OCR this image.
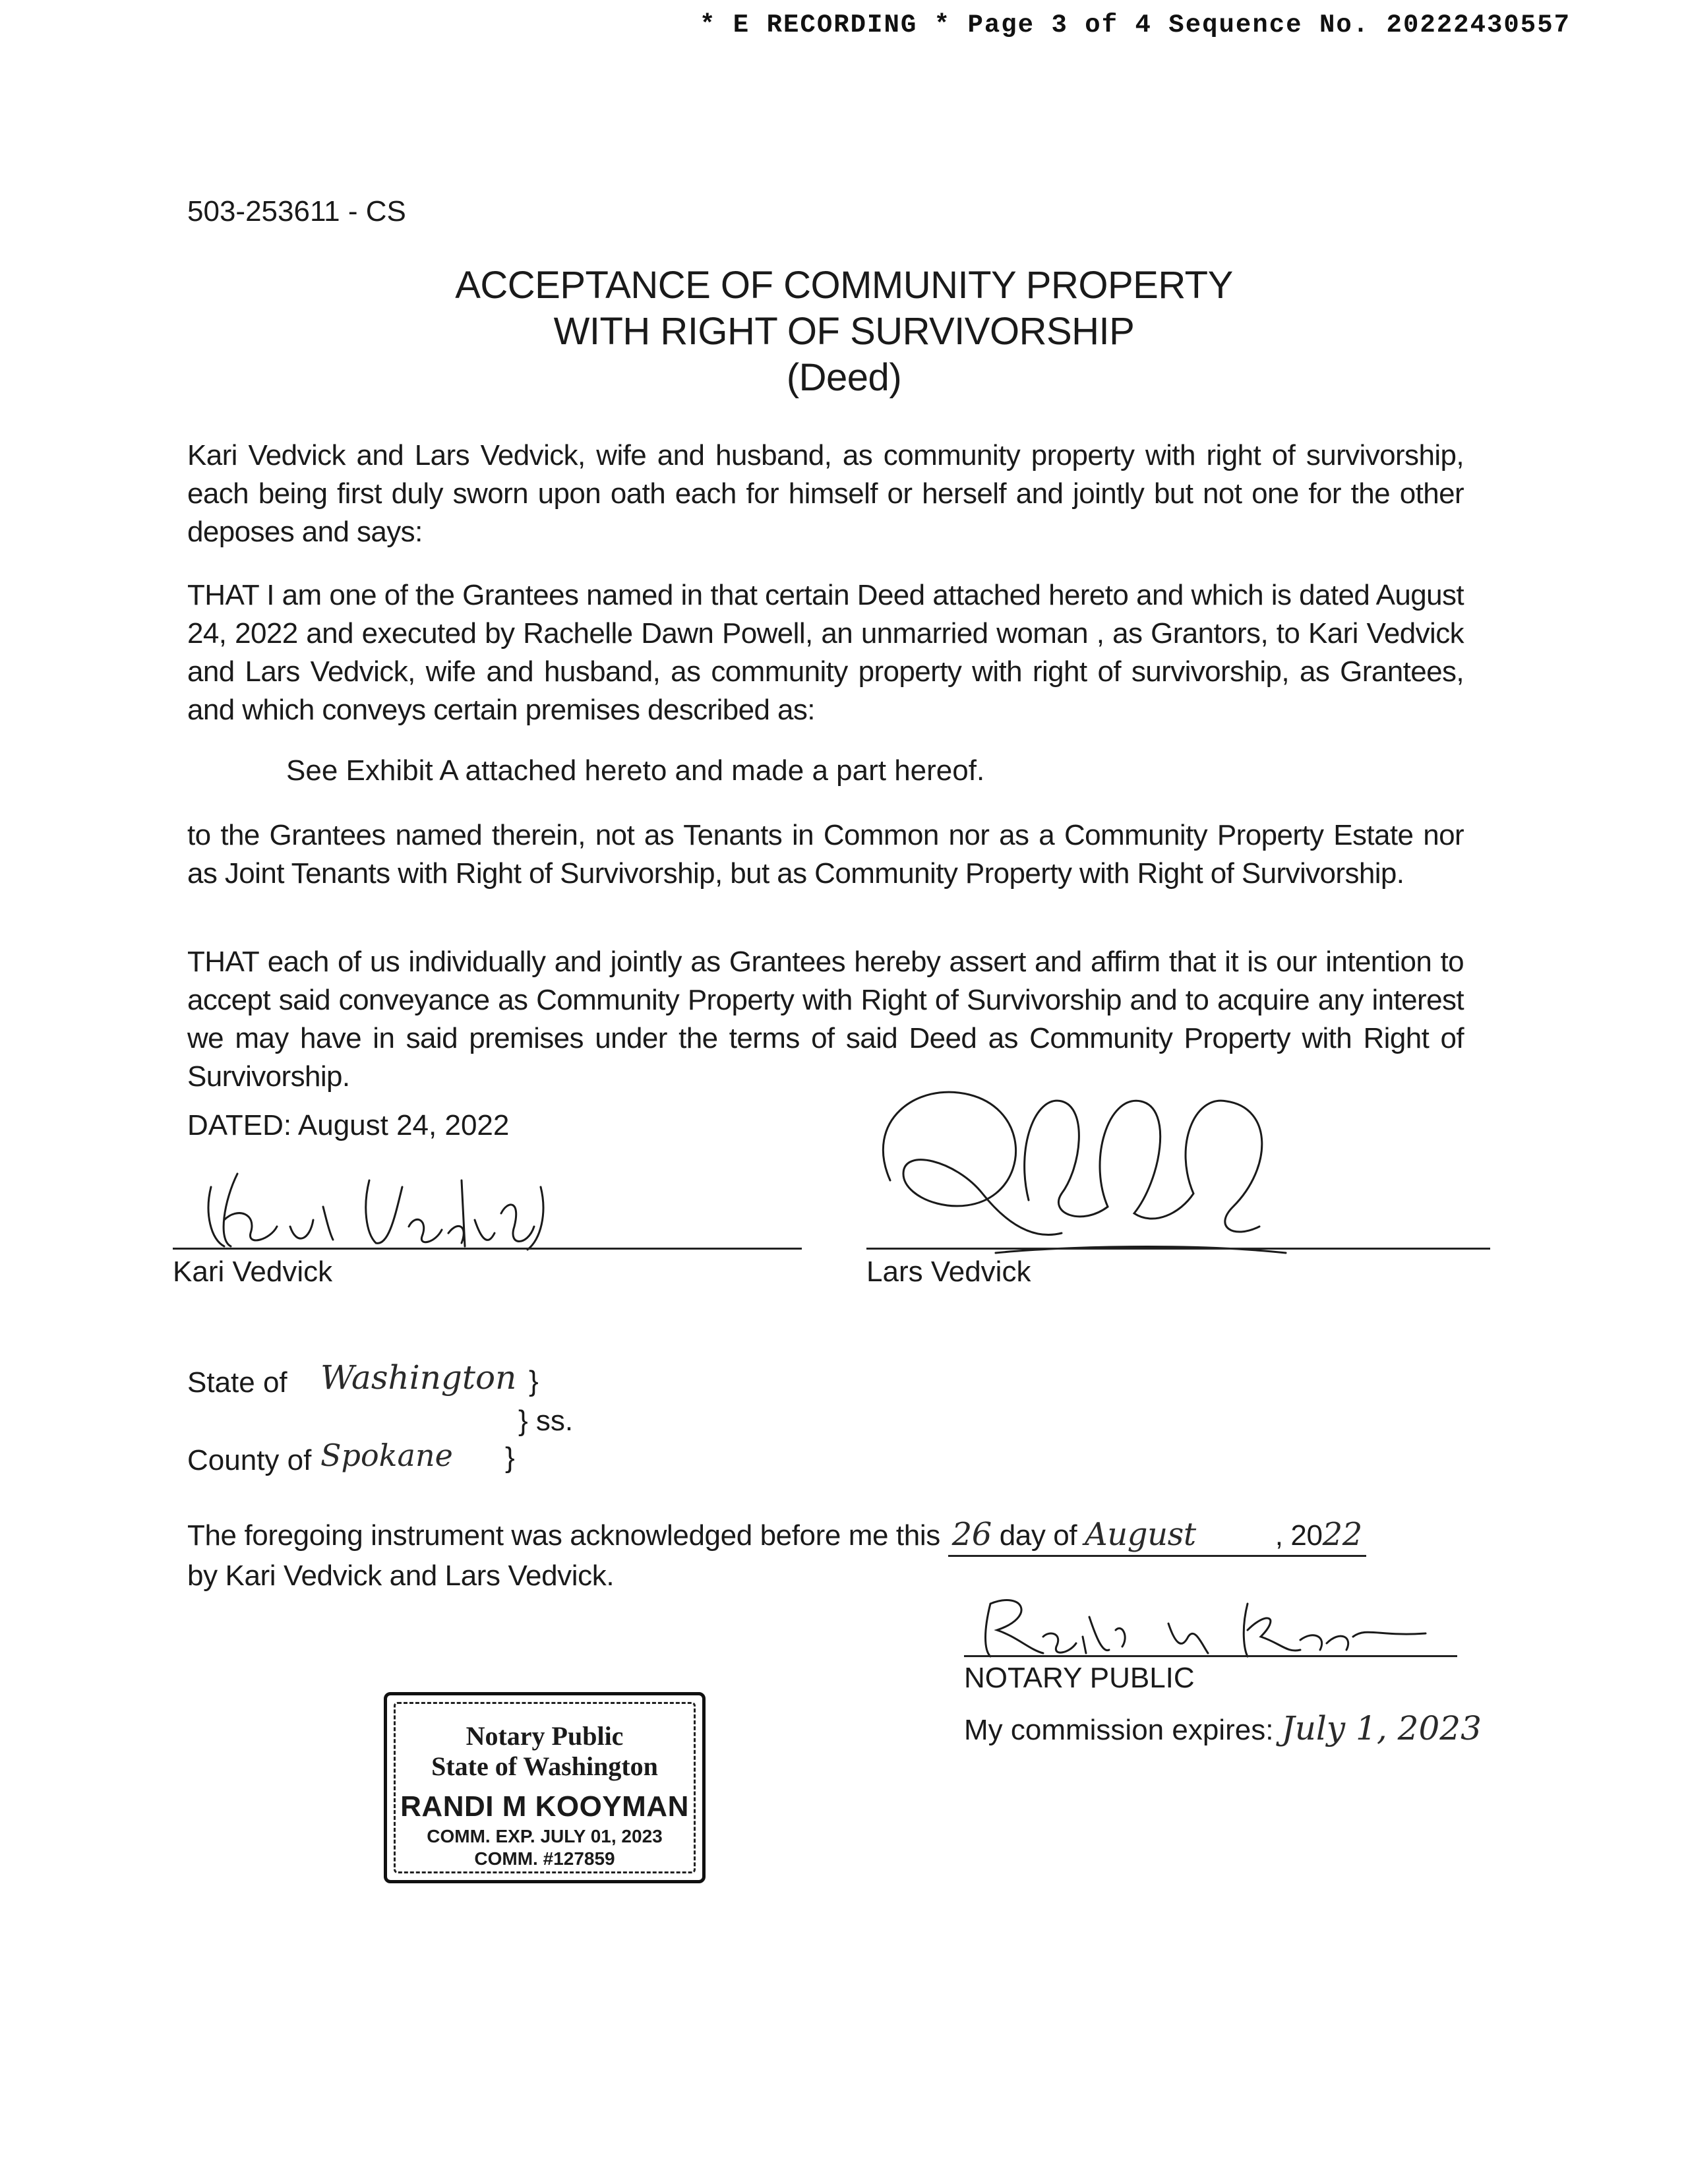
* E RECORDING * Page 3 of 4 Sequence No. 20222430557
503-253611 - CS
ACCEPTANCE OF COMMUNITY PROPERTY
WITH RIGHT OF SURVIVORSHIP
(Deed)
Kari Vedvick and Lars Vedvick, wife and husband, as community property with right of survivorship, each being first duly sworn upon oath each for himself or herself and jointly but not one for the other deposes and says:
THAT I am one of the Grantees named in that certain Deed attached hereto and which is dated August 24, 2022 and executed by Rachelle Dawn Powell, an unmarried woman , as Grantors, to Kari Vedvick and Lars Vedvick, wife and husband, as community property with right of survivorship, as Grantees, and which conveys certain premises described as:
See Exhibit A attached hereto and made a part hereof.
to the Grantees named therein, not as Tenants in Common nor as a Community Property Estate nor as Joint Tenants with Right of Survivorship, but as Community Property with Right of Survivorship.
THAT each of us individually and jointly as Grantees hereby assert and affirm that it is our intention to accept said conveyance as Community Property with Right of Survivorship and to acquire any interest we may have in said premises under the terms of said Deed as Community Property with Right of Survivorship.
DATED: August 24, 2022
Kari Vedvick	Lars Vedvick
State of Washington }
} ss.
County of Spokane }
The foregoing instrument was acknowledged before me this 26 day of August	, 2022
by Kari Vedvick and Lars Vedvick.
NOTARY PUBLIC
My commission expires: July 1, 2023
Notary Public
State of Washington
RANDI M KOOYMAN
COMM. EXP. JULY 01, 2023
COMM. #127859
